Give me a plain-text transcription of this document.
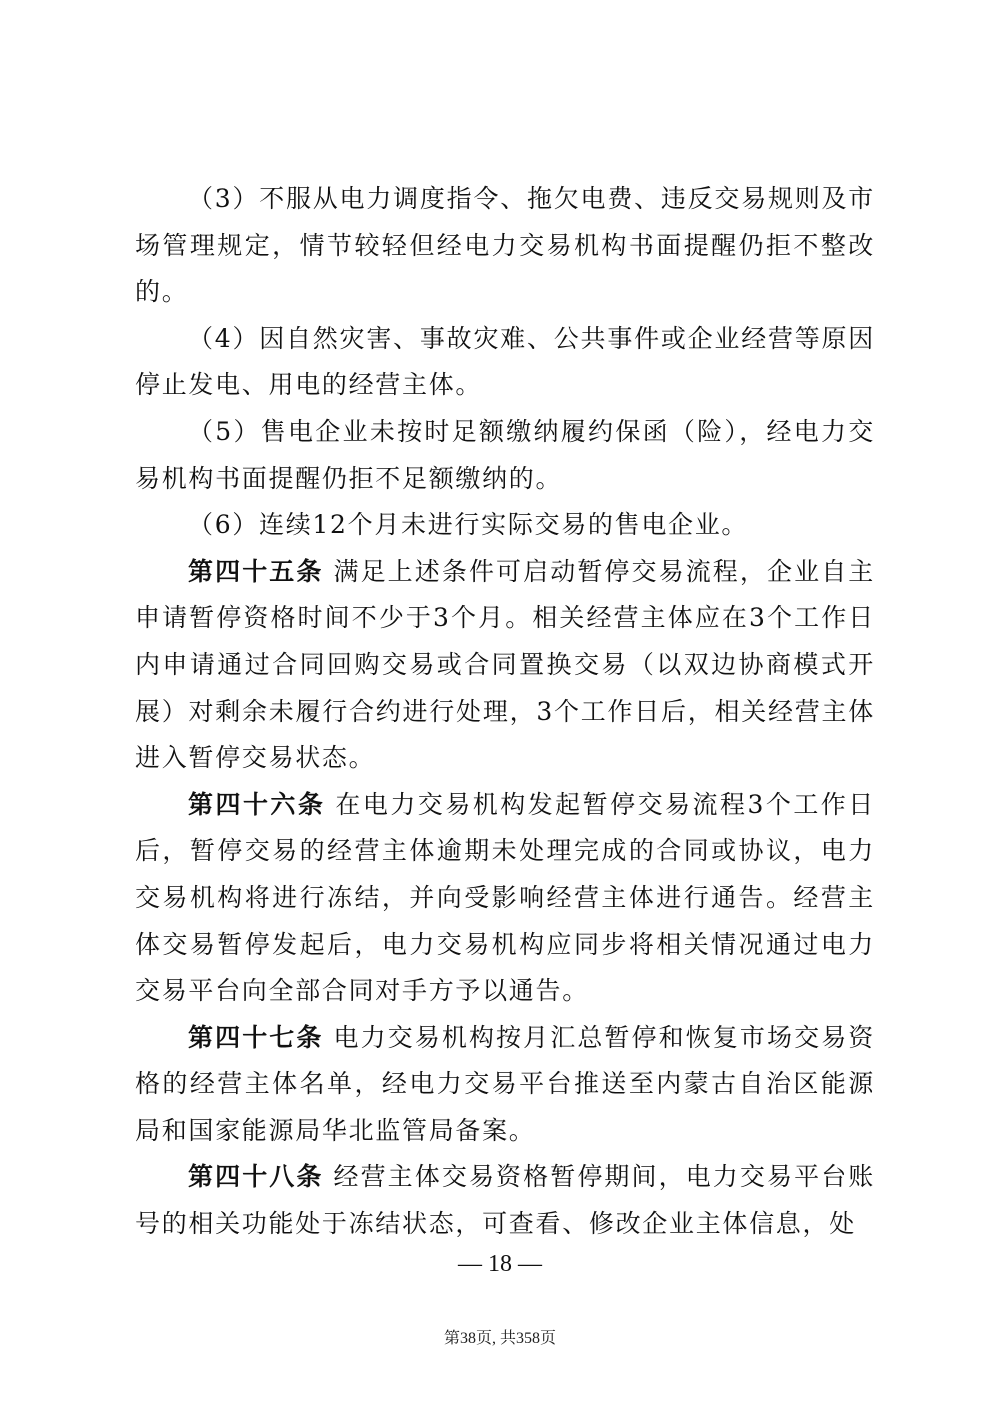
（3）不服从电力调度指令、拖欠电费、违反交易规则及市场管理规定，情节较轻但经电力交易机构书面提醒仍拒不整改的。

（4）因自然灾害、事故灾难、公共事件或企业经营等原因停止发电、用电的经营主体。

（5）售电企业未按时足额缴纳履约保函（险），经电力交易机构书面提醒仍拒不足额缴纳的。

（6）连续12个月未进行实际交易的售电企业。

第四十五条 满足上述条件可启动暂停交易流程，企业自主申请暂停资格时间不少于3个月。相关经营主体应在3个工作日内申请通过合同回购交易或合同置换交易（以双边协商模式开展）对剩余未履行合约进行处理，3个工作日后，相关经营主体进入暂停交易状态。

第四十六条 在电力交易机构发起暂停交易流程3个工作日后，暂停交易的经营主体逾期未处理完成的合同或协议，电力交易机构将进行冻结，并向受影响经营主体进行通告。经营主体交易暂停发起后，电力交易机构应同步将相关情况通过电力交易平台向全部合同对手方予以通告。

第四十七条 电力交易机构按月汇总暂停和恢复市场交易资格的经营主体名单，经电力交易平台推送至内蒙古自治区能源局和国家能源局华北监管局备案。

第四十八条 经营主体交易资格暂停期间，电力交易平台账号的相关功能处于冻结状态，可查看、修改企业主体信息，处

— 18 —
第38页, 共358页
